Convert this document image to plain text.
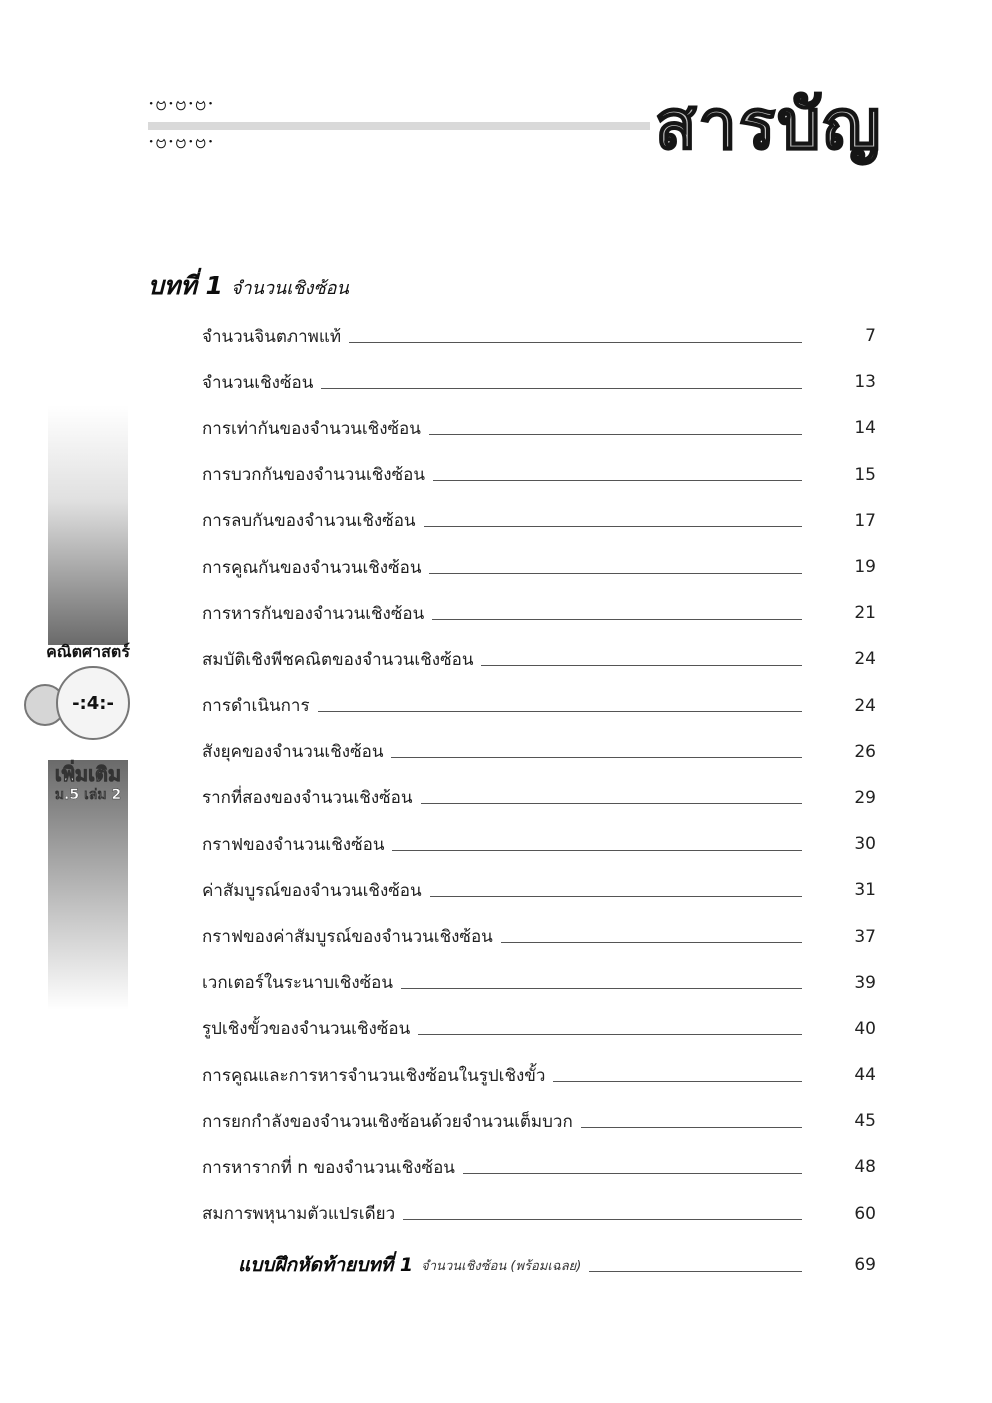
·ဗ·ဗ·ဗ·
·ဗ·ဗ·ဗ·	สารบัญ
บทที่ 1 จำนวนเชิงซ้อน
จำนวนจินตภาพแท้	7
จำนวนเชิงซ้อน	13
การเท่ากันของจำนวนเชิงซ้อน	14
การบวกกันของจำนวนเชิงซ้อน	15
การลบกันของจำนวนเชิงซ้อน	17
การคูณกันของจำนวนเชิงซ้อน	19
การหารกันของจำนวนเชิงซ้อน	21
สมบัติเชิงพีชคณิตของจำนวนเชิงซ้อน	24
การดำเนินการ	24
สังยุคของจำนวนเชิงซ้อน	26
รากที่สองของจำนวนเชิงซ้อน	29
กราฟของจำนวนเชิงซ้อน	30
ค่าสัมบูรณ์ของจำนวนเชิงซ้อน	31
กราฟของค่าสัมบูรณ์ของจำนวนเชิงซ้อน	37
เวกเตอร์ในระนาบเชิงซ้อน	39
รูปเชิงขั้วของจำนวนเชิงซ้อน	40
การคูณและการหารจำนวนเชิงซ้อนในรูปเชิงขั้ว	44
การยกกำลังของจำนวนเชิงซ้อนด้วยจำนวนเต็มบวก	45
การหารากที่ n ของจำนวนเชิงซ้อน	48
สมการพหุนามตัวแปรเดียว	60
แบบฝึกหัดท้ายบทที่ 1 จำนวนเชิงซ้อน (พร้อมเฉลย)	69
คณิตศาสตร์
-:4:-
เพิ่มเติม
ม.5 เล่ม 2
